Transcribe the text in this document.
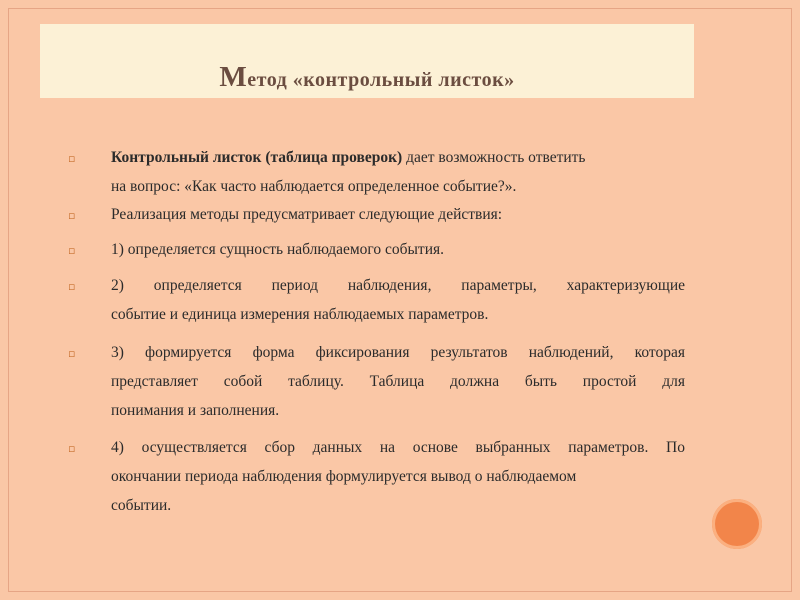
Метод «контрольный листок»
▫ Контрольный листок (таблица проверок) дает возможность ответить
на вопрос: «Как часто наблюдается определенное событие?».
▫ Реализация методы предусматривает следующие действия:
▫ 1) определяется сущность наблюдаемого события.
▫ 2) определяется период наблюдения, параметры, характеризующие
событие и единица измерения наблюдаемых параметров.
▫ 3) формируется форма фиксирования результатов наблюдений, которая
представляет собой таблицу. Таблица должна быть простой для
понимания и заполнения.
▫ 4) осуществляется сбор данных на основе выбранных параметров. По
окончании периода наблюдения формулируется вывод о наблюдаемом
событии.
